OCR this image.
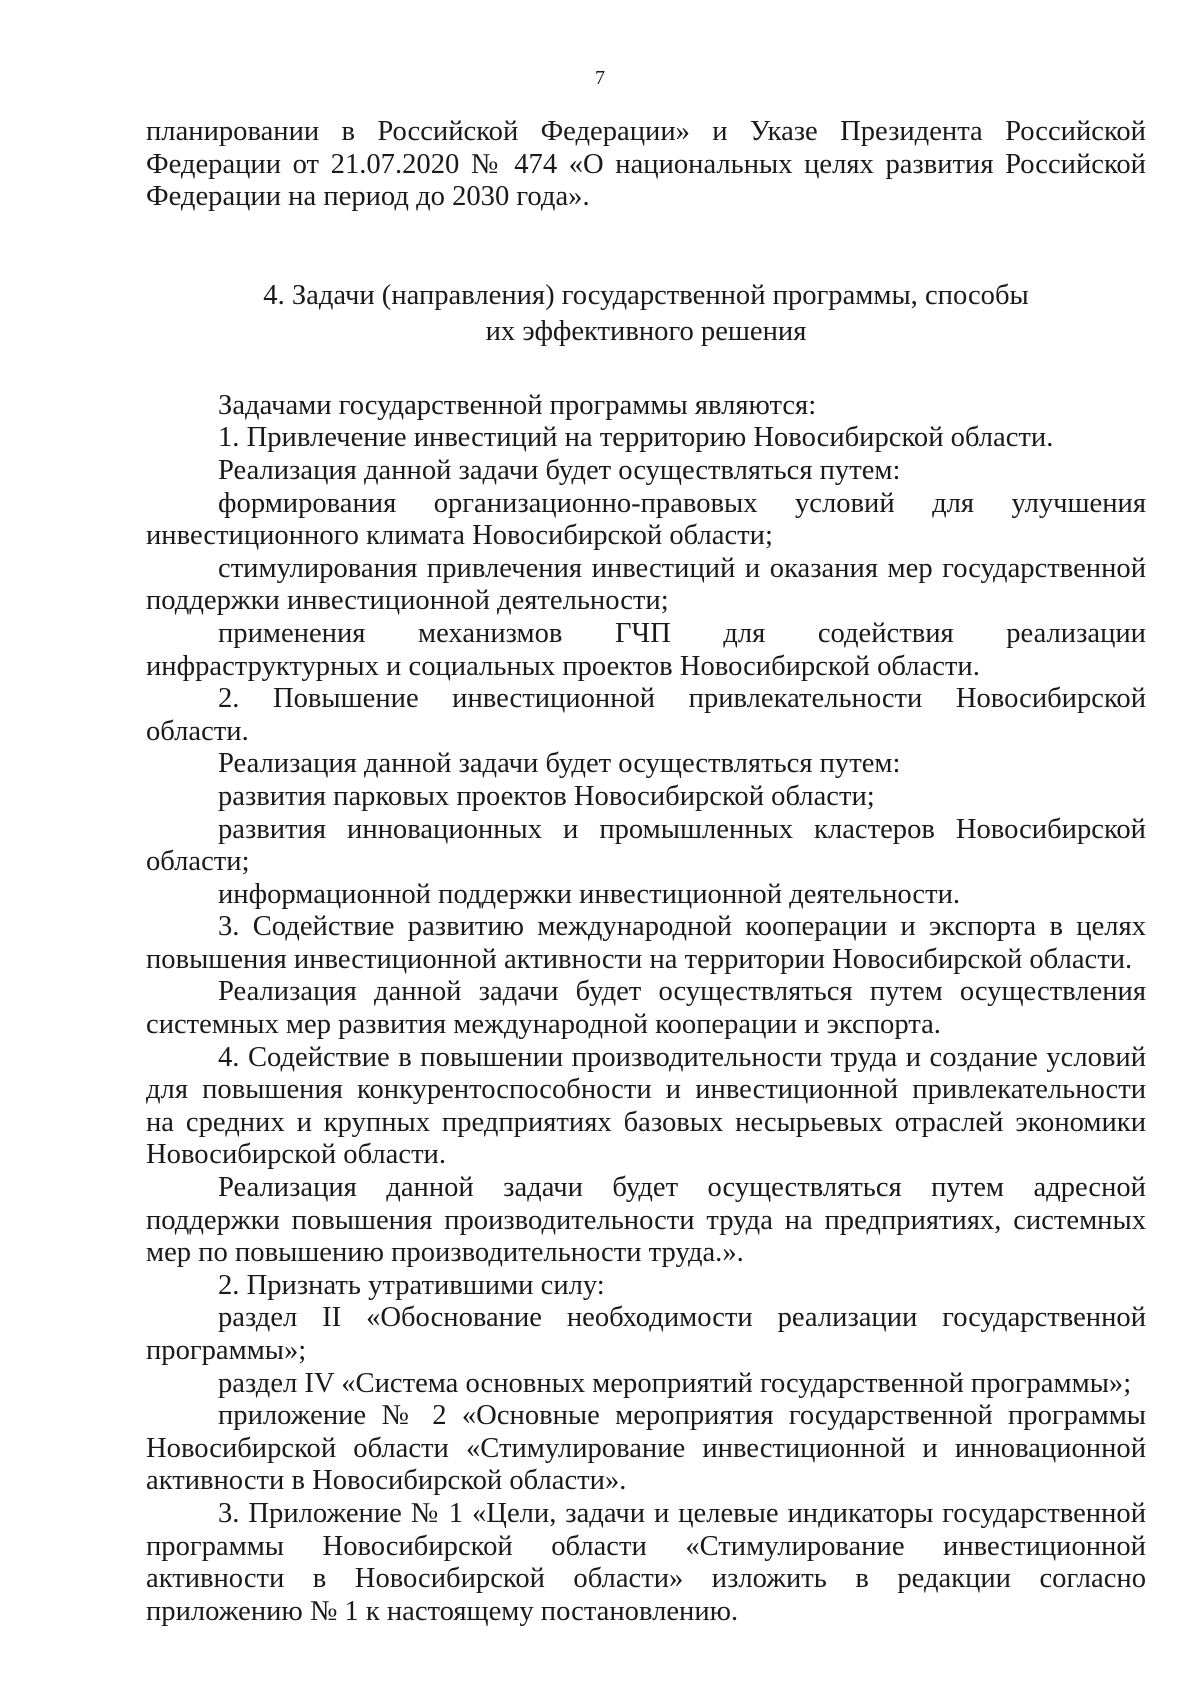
7

планировании в Российской Федерации» и Указе Президента Российской Федерации от 21.07.2020 № 474 «О национальных целях развития Российской Федерации на период до 2030 года».

4. Задачи (направления) государственной программы, способы
их эффективного решения

Задачами государственной программы являются:

1. Привлечение инвестиций на территорию Новосибирской области.

Реализация данной задачи будет осуществляться путем:

формирования организационно-правовых условий для улучшения инвестиционного климата Новосибирской области;

стимулирования привлечения инвестиций и оказания мер государственной поддержки инвестиционной деятельности;

применения механизмов ГЧП для содействия реализации инфраструктурных и социальных проектов Новосибирской области.

2. Повышение инвестиционной привлекательности Новосибирской области.

Реализация данной задачи будет осуществляться путем:

развития парковых проектов Новосибирской области;

развития инновационных и промышленных кластеров Новосибирской области;

информационной поддержки инвестиционной деятельности.

3. Содействие развитию международной кооперации и экспорта в целях повышения инвестиционной активности на территории Новосибирской области.

Реализация данной задачи будет осуществляться путем осуществления системных мер развития международной кооперации и экспорта.

4. Содействие в повышении производительности труда и создание условий для повышения конкурентоспособности и инвестиционной привлекательности на средних и крупных предприятиях базовых несырьевых отраслей экономики Новосибирской области.

Реализация данной задачи будет осуществляться путем адресной поддержки повышения производительности труда на предприятиях, системных мер по повышению производительности труда.».

2. Признать утратившими силу:

раздел II «Обоснование необходимости реализации государственной программы»;

раздел IV «Система основных мероприятий государственной программы»;

приложение № 2 «Основные мероприятия государственной программы Новосибирской области «Стимулирование инвестиционной и инновационной активности в Новосибирской области».

3. Приложение № 1 «Цели, задачи и целевые индикаторы государственной программы Новосибирской области «Стимулирование инвестиционной активности в Новосибирской области» изложить в редакции согласно приложению № 1 к настоящему постановлению.
